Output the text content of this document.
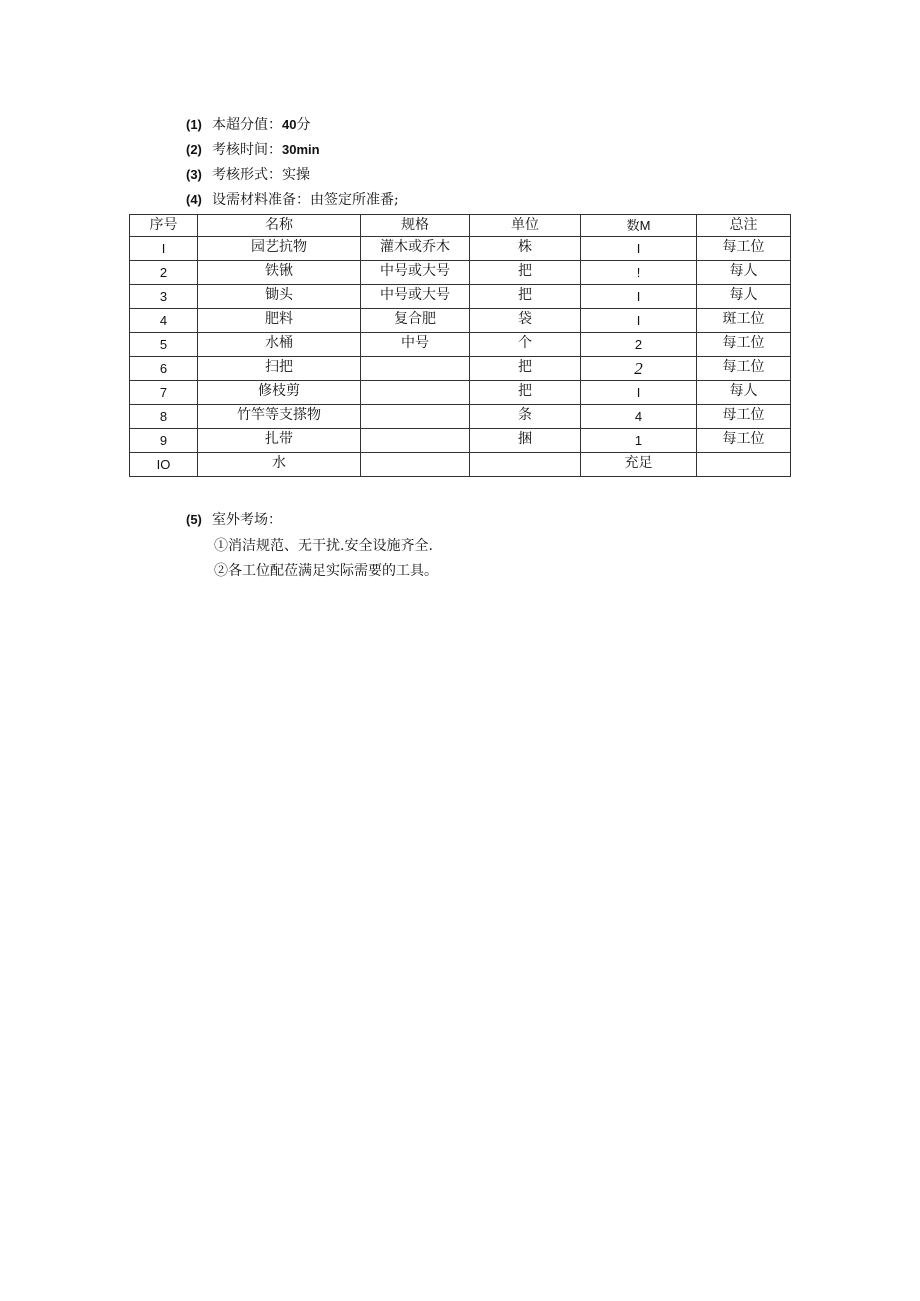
(1) 本超分值：40分
(2) 考核时间：30min
(3) 考核形式：实操
(4) 设需材料准备：由签定所准番;
序号	名称	规格	单位	数M	总注
I	园艺抗物	灌木或乔木	株	I	每工位
2	铁锹	中号或大号	把	!	每人
3	锄头	中号或大号	把	I	每人
4	肥料	复合肥	袋	I	斑工位
5	水桶	中号	个	2	每工位
6	扫把		把	2	每工位
7	修枝剪		把	I	每人
8	竹竿等支搽物		条	4	母工位
9	扎带		捆	1	每工位
IO	水			充足	
(5) 室外考场：
①消洁规范、无干扰.安全设施齐全.
②各工位配莅满足实际需要的工具。
